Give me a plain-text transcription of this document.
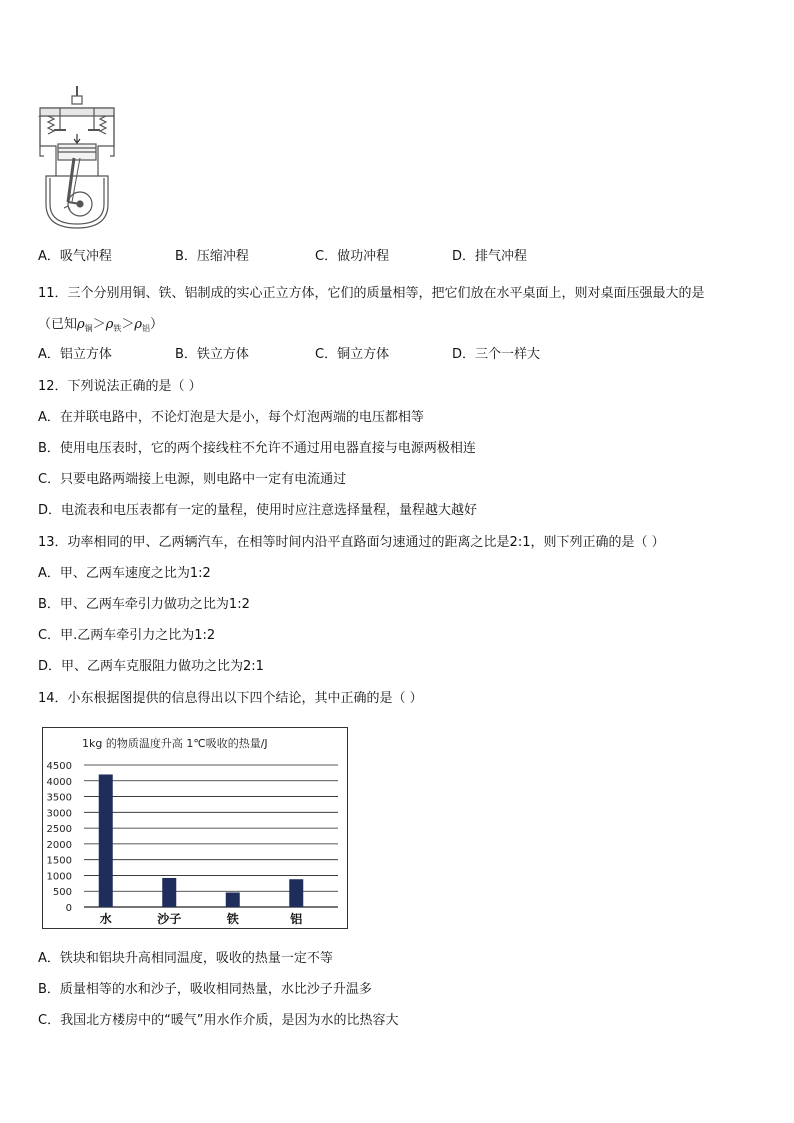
A．吸气冲程	B．压缩冲程	C．做功冲程	D．排气冲程
11．三个分别用铜、铁、铝制成的实心正立方体，它们的质量相等，把它们放在水平桌面上，则对桌面压强最大的是
（已知$\rho_铜>\rho_铁>\rho_铝$）
A．铝立方体	B．铁立方体	C．铜立方体	D．三个一样大
12．下列说法正确的是（ ）
A．在并联电路中，不论灯泡是大是小，每个灯泡两端的电压都相等
B．使用电压表时，它的两个接线柱不允许不通过用电器直接与电源两极相连
C．只要电路两端接上电源，则电路中一定有电流通过
D．电流表和电压表都有一定的量程，使用时应注意选择量程，量程越大越好
13．功率相同的甲、乙两辆汽车，在相等时间内沿平直路面匀速通过的距离之比是2:1，则下列正确的是（ ）
A．甲、乙两车速度之比为1:2
B．甲、乙两车牵引力做功之比为1:2
C．甲.乙两车牵引力之比为1:2
D．甲、乙两车克服阻力做功之比为2:1
14．小东根据图提供的信息得出以下四个结论，其中正确的是（ ）
1kg 的物质温度升高 1℃吸收的热量/J
0
500
1000
1500
2000
2500
3000
3500
4000
4500
水	沙子	铁	铝
A．铁块和铝块升高相同温度，吸收的热量一定不等
B．质量相等的水和沙子，吸收相同热量，水比沙子升温多
C．我国北方楼房中的“暖气”用水作介质，是因为水的比热容大
